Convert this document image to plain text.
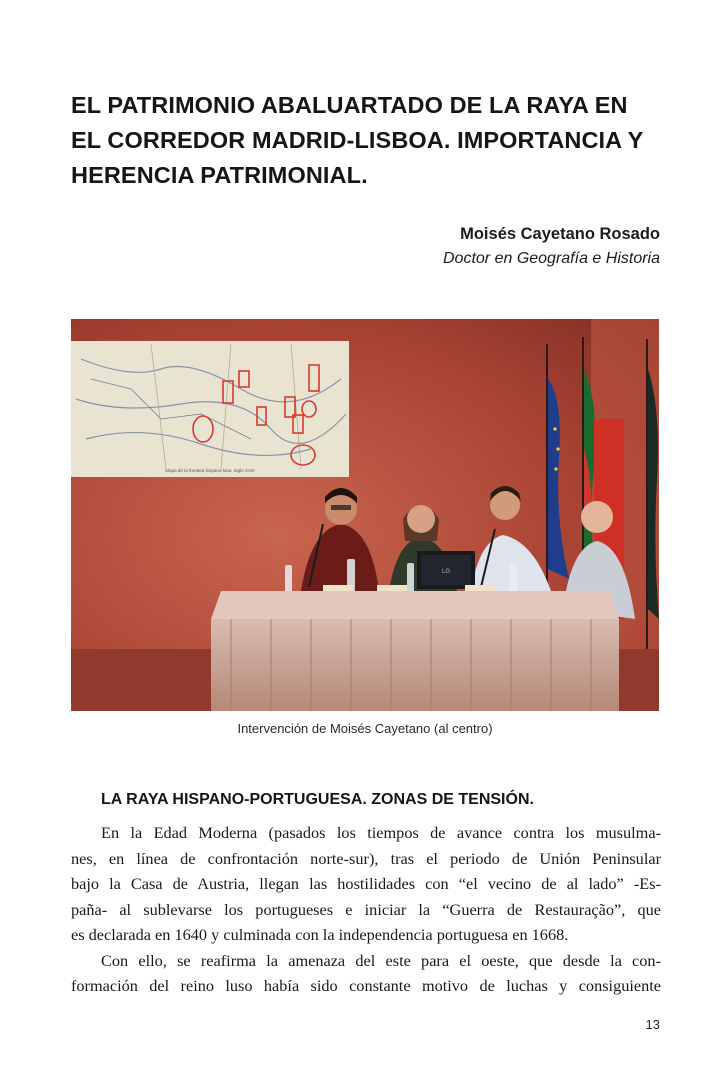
EL PATRIMONIO ABALUARTADO DE LA RAYA EN
EL CORREDOR MADRID-LISBOA. IMPORTANCIA Y
HERENCIA PATRIMONIAL.
Moisés Cayetano Rosado
Doctor en Geografía e Historia
Mapa de la frontera hispano-lusa. Siglo XVIII
LG
Intervención de Moisés Cayetano (al centro)
LA RAYA HISPANO-PORTUGUESA. ZONAS DE TENSIÓN.
En la Edad Moderna (pasados los tiempos de avance contra los musulma-
nes, en línea de confrontación norte-sur), tras el periodo de Unión Peninsular
bajo la Casa de Austria, llegan las hostilidades con “el vecino de al lado” -Es-
paña- al sublevarse los portugueses e iniciar la “Guerra de Restauração”, que
es declarada en 1640 y culminada con la independencia portuguesa en 1668.
Con ello, se reafirma la amenaza del este para el oeste, que desde la con-
formación del reino luso había sido constante motivo de luchas y consiguiente
13
